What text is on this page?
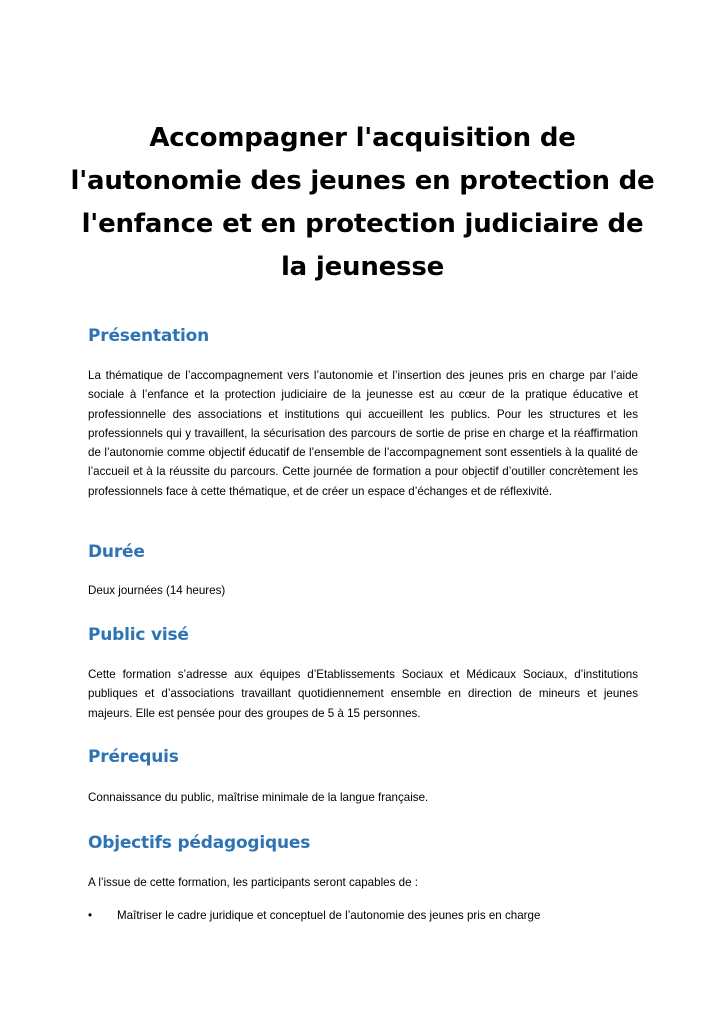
Accompagner l'acquisition de
l'autonomie des jeunes en protection de
l'enfance et en protection judiciaire de
la jeunesse
Présentation

La thématique de l’accompagnement vers l’autonomie et l’insertion des jeunes pris en charge par l’aide sociale à l’enfance et la protection judiciaire de la jeunesse est au cœur de la pratique éducative et professionnelle des associations et institutions qui accueillent les publics. Pour les structures et les professionnels qui y travaillent, la sécurisation des parcours de sortie de prise en charge et la réaffirmation de l’autonomie comme objectif éducatif de l’ensemble de l’accompagnement sont essentiels à la qualité de l’accueil et à la réussite du parcours. Cette journée de formation a pour objectif d’outiller concrètement les professionnels face à cette thématique, et de créer un espace d’échanges et de réflexivité.

Durée

Deux journées (14 heures)

Public visé

Cette formation s’adresse aux équipes d’Etablissements Sociaux et Médicaux Sociaux, d’institutions publiques et d’associations travaillant quotidiennement ensemble en direction de mineurs et jeunes majeurs. Elle est pensée pour des groupes de 5 à 15 personnes.

Prérequis

Connaissance du public, maîtrise minimale de la langue française.

Objectifs pédagogiques

A l’issue de cette formation, les participants seront capables de :

• Maîtriser le cadre juridique et conceptuel de l’autonomie des jeunes pris en charge
